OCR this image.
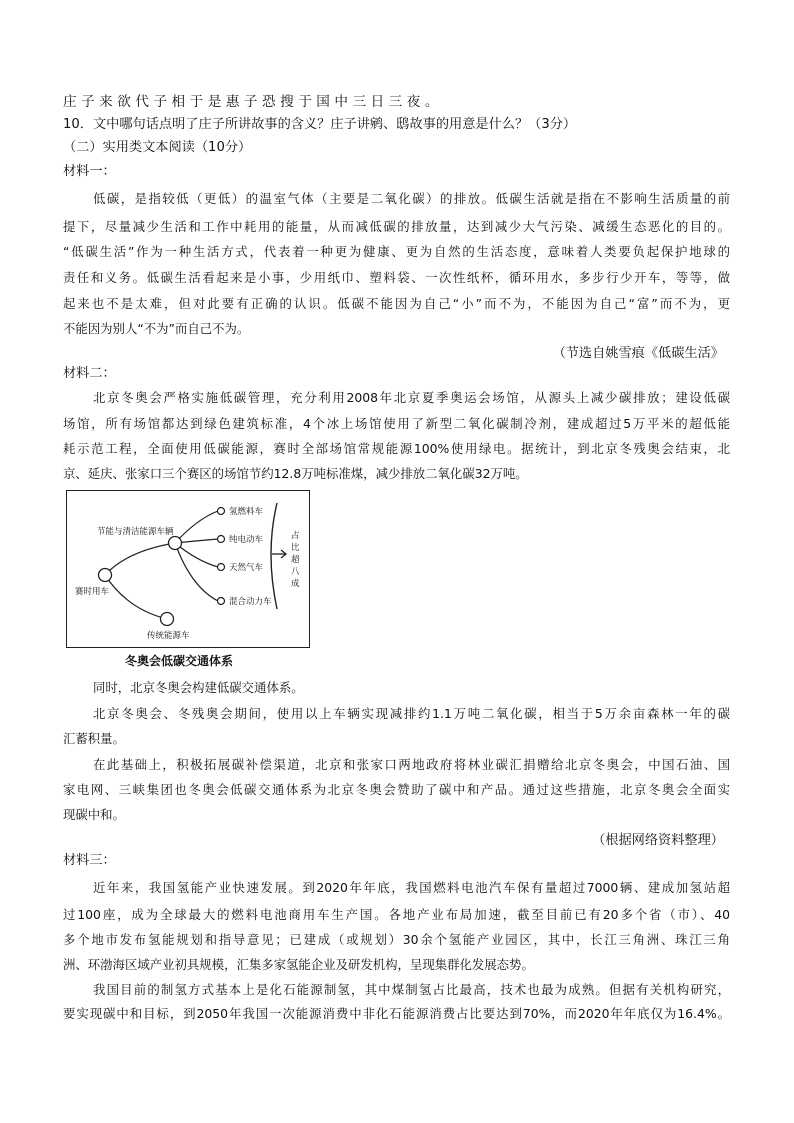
庄子来欲代子相于是惠子恐搜于国中三日三夜。
10．文中哪句话点明了庄子所讲故事的含义？庄子讲鹓、鸱故事的用意是什么？（3分）
（二）实用类文本阅读（10分）
材料一：
低碳，是指较低（更低）的温室气体（主要是二氧化碳）的排放。低碳生活就是指在不影响生活质量的前
提下，尽量减少生活和工作中耗用的能量，从而减低碳的排放量，达到减少大气污染、减缓生态恶化的目的。
“低碳生活”作为一种生活方式，代表着一种更为健康、更为自然的生活态度，意味着人类要负起保护地球的
责任和义务。低碳生活看起来是小事，少用纸巾、塑料袋、一次性纸杯，循环用水，多步行少开车，等等，做
起来也不是太难，但对此要有正确的认识。低碳不能因为自己“小”而不为，不能因为自己“富”而不为，更
不能因为别人“不为”而自己不为。
（节选自姚雪痕《低碳生活》
材料二：
北京冬奥会严格实施低碳管理，充分利用2008年北京夏季奥运会场馆，从源头上减少碳排放；建设低碳
场馆，所有场馆都达到绿色建筑标准，4个冰上场馆使用了新型二氧化碳制冷剂，建成超过5万平米的超低能
耗示范工程，全面使用低碳能源，赛时全部场馆常规能源100%使用绿电。据统计，到北京冬残奥会结束，北
京、延庆、张家口三个赛区的场馆节约12.8万吨标准煤，减少排放二氧化碳32万吨。
节能与清洁能源车辆
赛时用车
传统能源车
氢燃料车
纯电动车
天然气车
混合动力车
占
比
超
八
成
冬奥会低碳交通体系
同时，北京冬奥会构建低碳交通体系。
北京冬奥会、冬残奥会期间，使用以上车辆实现减排约1.1万吨二氧化碳，相当于5万余亩森林一年的碳
汇蓄积量。
在此基础上，积极拓展碳补偿渠道，北京和张家口两地政府将林业碳汇捐赠给北京冬奥会，中国石油、国
家电网、三峡集团也冬奥会低碳交通体系为北京冬奥会赞助了碳中和产品。通过这些措施，北京冬奥会全面实
现碳中和。
（根据网络资料整理）
材料三：
近年来，我国氢能产业快速发展。到2020年年底，我国燃料电池汽车保有量超过7000辆、建成加氢站超
过100座，成为全球最大的燃料电池商用车生产国。各地产业布局加速，截至目前已有20多个省（市）、40
多个地市发布氢能规划和指导意见；已建成（或规划）30余个氢能产业园区，其中，长江三角洲、珠江三角
洲、环渤海区域产业初具规模，汇集多家氢能企业及研发机构，呈现集群化发展态势。
我国目前的制氢方式基本上是化石能源制氢，其中煤制氢占比最高，技术也最为成熟。但据有关机构研究，
要实现碳中和目标，到2050年我国一次能源消费中非化石能源消费占比要达到70%，而2020年年底仅为16.4%。
